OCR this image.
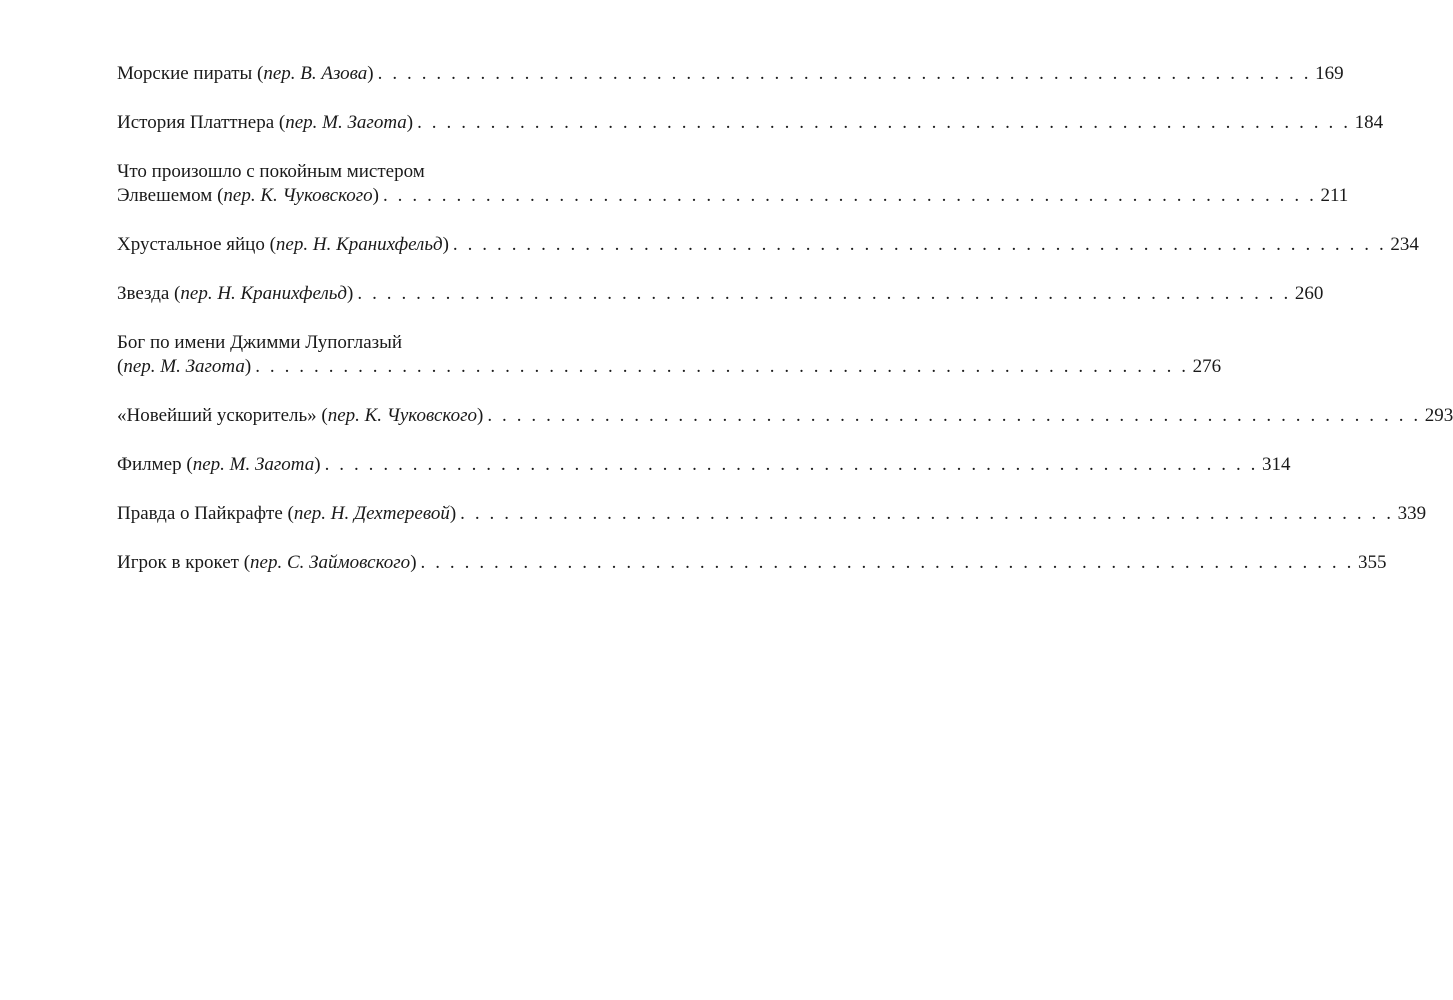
Морские пираты (пер. В. Азова) . . . . . . . . . . . . . . . . . . . . . . . . . . . . . . . . . . . . . . . . . . . . . . . . . . . . . . . . . . . . . . . . 169
История Платтнера (пер. М. Загота) . . . . . . . . . . . . . . . . . . . . . . . . . . . . . . . . . . . . . . . . . . . . . . . . . . . . . . . . . . . . . . . . 184
Что произошло с покойным мистером
Элвешемом (пер. К. Чуковского) . . . . . . . . . . . . . . . . . . . . . . . . . . . . . . . . . . . . . . . . . . . . . . . . . . . . . . . . . . . . . . . . 211
Хрустальное яйцо (пер. Н. Кранихфельд) . . . . . . . . . . . . . . . . . . . . . . . . . . . . . . . . . . . . . . . . . . . . . . . . . . . . . . . . . . . . . . . . 234
Звезда (пер. Н. Кранихфельд) . . . . . . . . . . . . . . . . . . . . . . . . . . . . . . . . . . . . . . . . . . . . . . . . . . . . . . . . . . . . . . . . 260
Бог по имени Джимми Лупоглазый
(пер. М. Загота) . . . . . . . . . . . . . . . . . . . . . . . . . . . . . . . . . . . . . . . . . . . . . . . . . . . . . . . . . . . . . . . . 276
«Новейший ускоритель» (пер. К. Чуковского) . . . . . . . . . . . . . . . . . . . . . . . . . . . . . . . . . . . . . . . . . . . . . . . . . . . . . . . . . . . . . . . . 293
Филмер (пер. М. Загота) . . . . . . . . . . . . . . . . . . . . . . . . . . . . . . . . . . . . . . . . . . . . . . . . . . . . . . . . . . . . . . . . 314
Правда о Пайкрафте (пер. Н. Дехтеревой) . . . . . . . . . . . . . . . . . . . . . . . . . . . . . . . . . . . . . . . . . . . . . . . . . . . . . . . . . . . . . . . . 339
Игрок в крокет (пер. С. Займовского) . . . . . . . . . . . . . . . . . . . . . . . . . . . . . . . . . . . . . . . . . . . . . . . . . . . . . . . . . . . . . . . . 355
